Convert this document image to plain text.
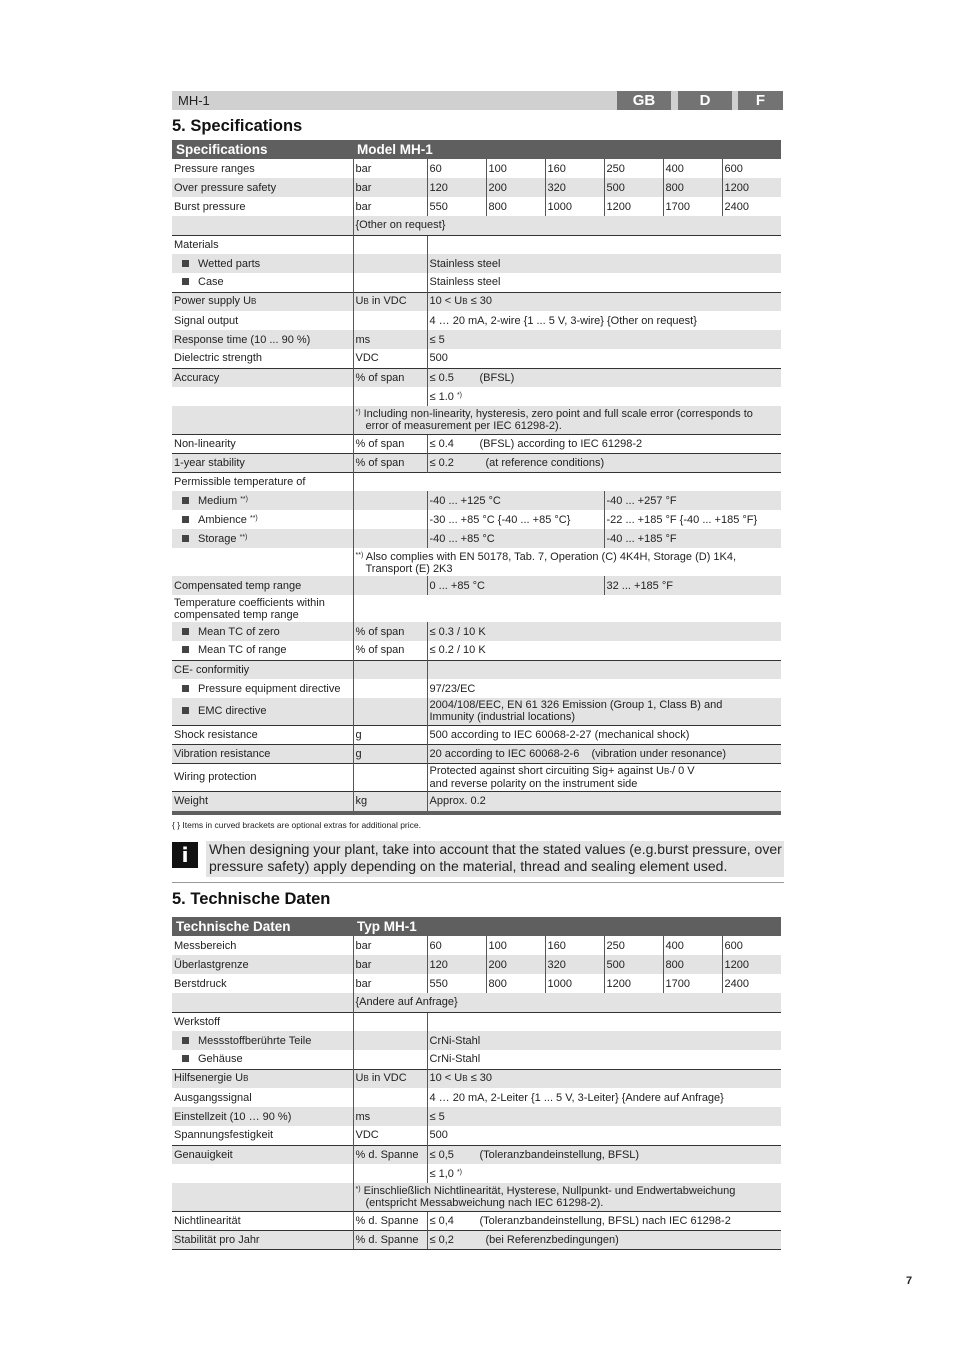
MH-1	GB	D	F
5. Specifications
Specifications	Model MH-1						
Pressure ranges	bar	60	100	160	250	400	600
Over pressure safety	bar	120	200	320	500	800	1200
Burst pressure	bar	550	800	1000	1200	1700	2400
	{Other on request}						
Materials							
Wetted parts		Stainless steel					
Case		Stainless steel					
Power supply UB	UB in VDC	10 < UB ≤ 30					
Signal output		4 … 20 mA, 2-wire {1 ... 5 V, 3-wire} {Other on request}					
Response time (10 ... 90 %)	ms	≤ 5					
Dielectric strength	VDC	500					
Accuracy	% of span	≤ 0.5 (BFSL)					
		≤ 1.0 *)
	*) Including non-linearity, hysteresis, zero point and full scale error (corresponds to
error of measurement per IEC 61298-2).						
Non-linearity	% of span	≤ 0.4 (BFSL) according to IEC 61298-2					
1-year stability	% of span	≤ 0.2 (at reference conditions)					
Permissible temperature of							
Medium **)		-40 ... +125 °C			-40 ... +257 °F		
Ambience **)		-30 ... +85 °C {-40 ... +85 °C}			-22 ... +185 °F {-40 ... +185 °F}		
Storage **)		-40 ... +85 °C			-40 ... +185 °F		
	**) Also complies with EN 50178, Tab. 7, Operation (C) 4K4H, Storage (D) 1K4,
Transport (E) 2K3						
Compensated temp range		0 ... +85 °C			32 ... +185 °F		
Temperature coefficients within
compensated temp range							
Mean TC of zero	% of span	≤ 0.3 / 10 K					
Mean TC of range	% of span	≤ 0.2 / 10 K					
CE- conformitiy							
Pressure equipment directive		97/23/EC					
EMC directive		2004/108/EEC, EN 61 326 Emission (Group 1, Class B) and
Immunity (industrial locations)					
Shock resistance	g	500 according to IEC 60068-2-27 (mechanical shock)					
Vibration resistance	g	20 according to IEC 60068-2-6 (vibration under resonance)					
Wiring protection		Protected against short circuiting Sig+ against UB-/ 0 V
and reverse polarity on the instrument side					
Weight	kg	Approx. 0.2					
{ } Items in curved brackets are optional extras for additional price.
i	When designing your plant, take into account that the stated values (e.g.burst pressure, over pressure safety) apply depending on the material, thread and sealing element used.
5. Technische Daten
Technische Daten	Typ MH-1						
Messbereich	bar	60	100	160	250	400	600
Überlastgrenze	bar	120	200	320	500	800	1200
Berstdruck	bar	550	800	1000	1200	1700	2400
	{Andere auf Anfrage}						
Werkstoff							
Messstoffberührte Teile		CrNi-Stahl					
Gehäuse		CrNi-Stahl					
Hilfsenergie UB	UB in VDC	10 < UB ≤ 30					
Ausgangssignal		4 … 20 mA, 2-Leiter {1 ... 5 V, 3-Leiter} {Andere auf Anfrage}					
Einstellzeit (10 … 90 %)	ms	≤ 5					
Spannungsfestigkeit	VDC	500					
Genauigkeit	% d. Spanne	≤ 0,5 (Toleranzbandeinstellung, BFSL)					
		≤ 1,0 *)
	*) Einschließlich Nichtlinearität, Hysterese, Nullpunkt- und Endwertabweichung
(entspricht Messabweichung nach IEC 61298-2).						
Nichtlinearität	% d. Spanne	≤ 0,4 (Toleranzbandeinstellung, BFSL) nach IEC 61298-2					
Stabilität pro Jahr	% d. Spanne	≤ 0,2 (bei Referenzbedingungen)					
7
